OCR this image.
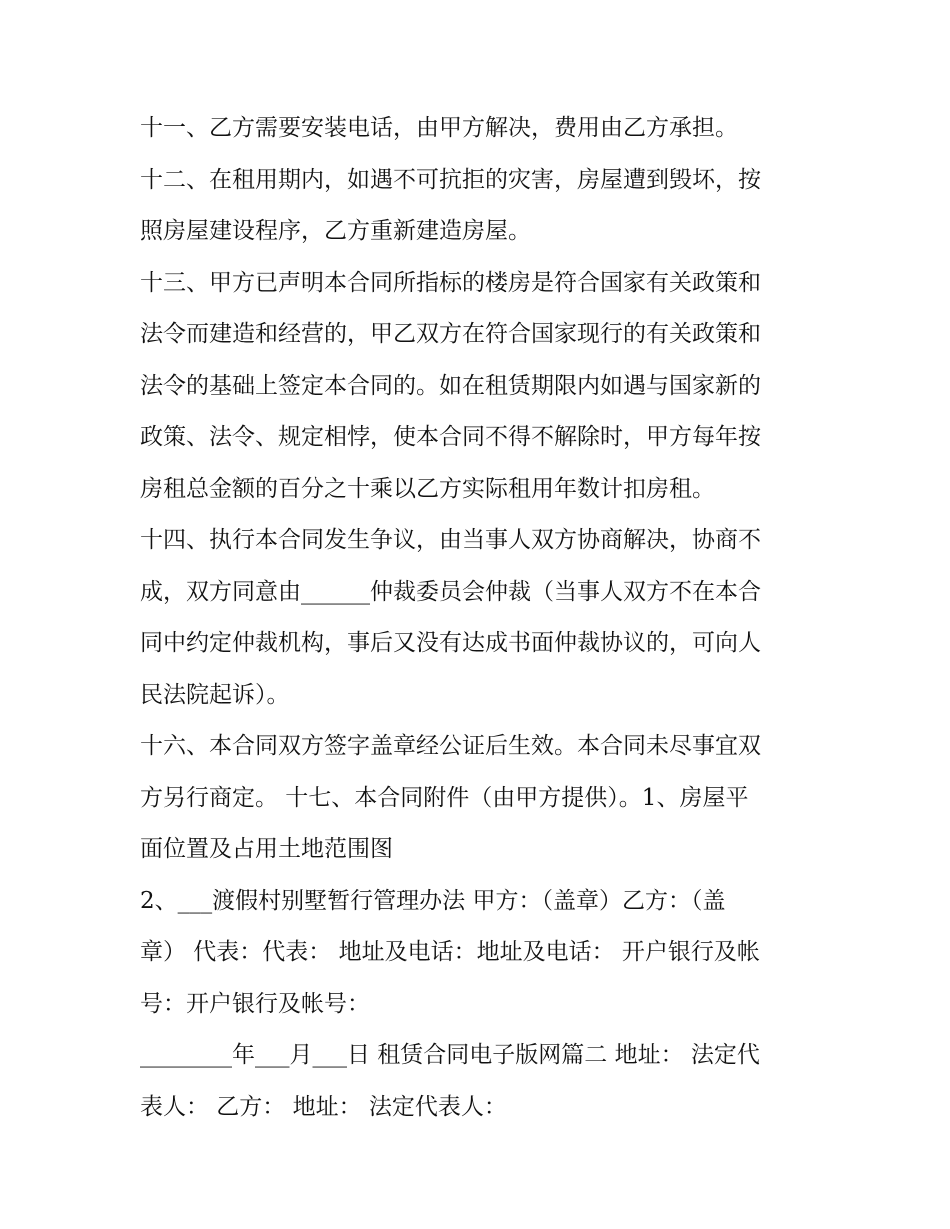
十一、乙方需要安装电话，由甲方解决，费用由乙方承担。
十二、在租用期内，如遇不可抗拒的灾害，房屋遭到毁坏，按
照房屋建设程序，乙方重新建造房屋。
十三、甲方已声明本合同所指标的楼房是符合国家有关政策和
法令而建造和经营的，甲乙双方在符合国家现行的有关政策和
法令的基础上签定本合同的。如在租赁期限内如遇与国家新的
政策、法令、规定相悖，使本合同不得不解除时，甲方每年按
房租总金额的百分之十乘以乙方实际租用年数计扣房租。
十四、执行本合同发生争议，由当事人双方协商解决，协商不
成，双方同意由______仲裁委员会仲裁（当事人双方不在本合
同中约定仲裁机构，事后又没有达成书面仲裁协议的，可向人
民法院起诉）。
十六、本合同双方签字盖章经公证后生效。本合同未尽事宜双
方另行商定。 十七、本合同附件（由甲方提供）。1、房屋平
面位置及占用土地范围图
2、___渡假村别墅暂行管理办法 甲方：（盖章）乙方：（盖
章） 代表：代表： 地址及电话：地址及电话： 开户银行及帐
号：开户银行及帐号：
________年___月___日 租赁合同电子版网篇二 地址： 法定代
表人： 乙方： 地址： 法定代表人：
